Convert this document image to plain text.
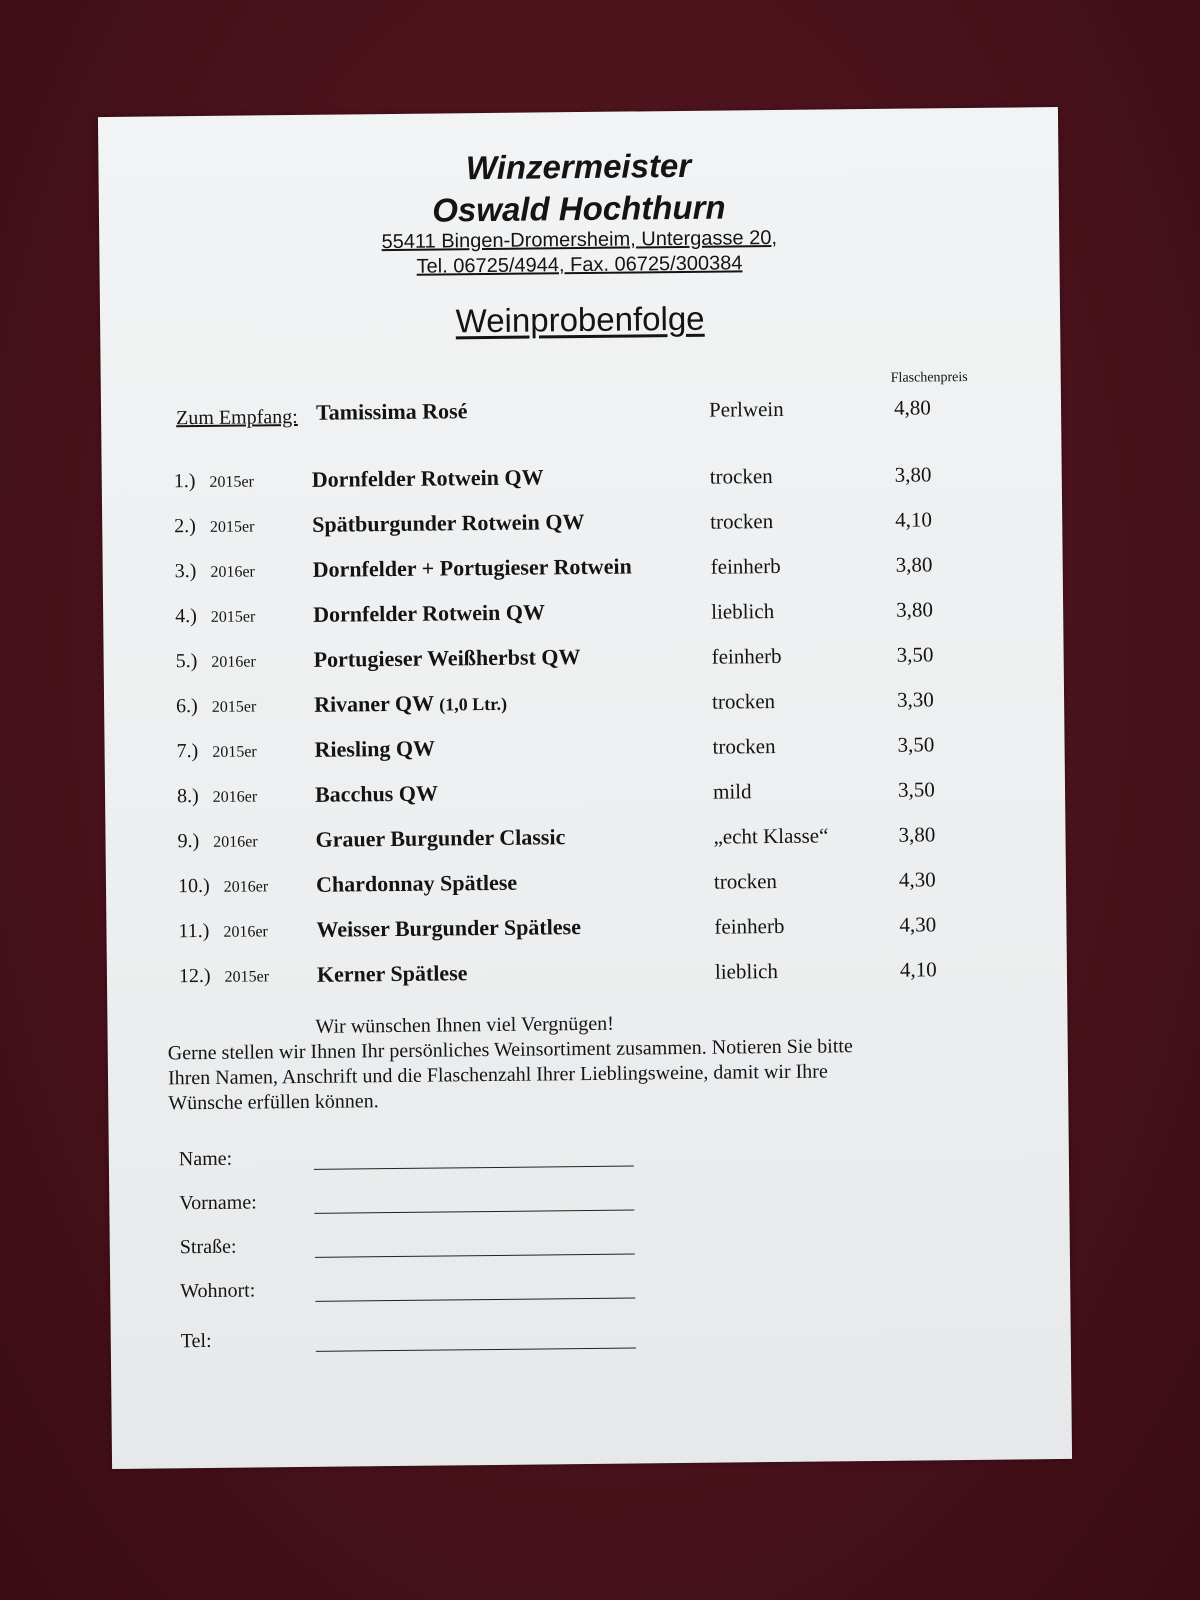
Winzermeister
Oswald Hochthurn
55411 Bingen-Dromersheim, Untergasse 20,
Tel. 06725/4944, Fax. 06725/300384
Weinprobenfolge
Flaschenpreis
Zum Empfang: Tamissima Rosé	Perlwein	4,80
1.) 2015er	Dornfelder Rotwein QW	trocken	3,80
2.) 2015er	Spätburgunder Rotwein QW	trocken	4,10
3.) 2016er	Dornfelder + Portugieser Rotwein	feinherb	3,80
4.) 2015er	Dornfelder Rotwein QW	lieblich	3,80
5.) 2016er	Portugieser Weißherbst QW	feinherb	3,50
6.) 2015er	Rivaner QW (1,0 Ltr.)	trocken	3,30
7.) 2015er	Riesling QW	trocken	3,50
8.) 2016er	Bacchus QW	mild	3,50
9.) 2016er	Grauer Burgunder Classic	„echt Klasse“	3,80
10.) 2016er Chardonnay Spätlese	trocken	4,30
11.) 2016er Weisser Burgunder Spätlese	feinherb	4,30
12.) 2015er Kerner Spätlese	lieblich	4,10
Wir wünschen Ihnen viel Vergnügen!
Gerne stellen wir Ihnen Ihr persönliches Weinsortiment zusammen. Notieren Sie bitte
Ihren Namen, Anschrift und die Flaschenzahl Ihrer Lieblingsweine, damit wir Ihre
Wünsche erfüllen können.
Name:
Vorname:
Straße:
Wohnort:
Tel:
